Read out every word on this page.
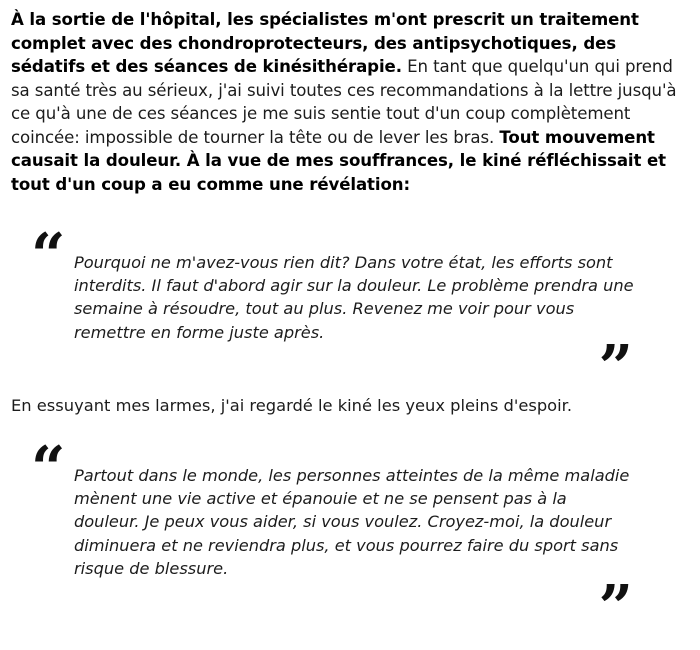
À la sortie de l'hôpital, les spécialistes m'ont prescrit un traitement complet avec des chondroprotecteurs, des antipsychotiques, des sédatifs et des séances de kinésithérapie. En tant que quelqu'un qui prend sa santé très au sérieux, j'ai suivi toutes ces recommandations à la lettre jusqu'à ce qu'à une de ces séances je me suis sentie tout d'un coup complètement coincée: impossible de tourner la tête ou de lever les bras. Tout mouvement causait la douleur. À la vue de mes souffrances, le kiné réfléchissait et tout d'un coup a eu comme une révélation:

“ Pourquoi ne m'avez-vous rien dit? Dans votre état, les efforts sont interdits. Il faut d'abord agir sur la douleur. Le problème prendra une semaine à résoudre, tout au plus. Revenez me voir pour vous remettre en forme juste après.

”

En essuyant mes larmes, j'ai regardé le kiné les yeux pleins d'espoir.

“ Partout dans le monde, les personnes atteintes de la même maladie mènent une vie active et épanouie et ne se pensent pas à la douleur. Je peux vous aider, si vous voulez. Croyez-moi, la douleur diminuera et ne reviendra plus, et vous pourrez faire du sport sans risque de blessure.

”
